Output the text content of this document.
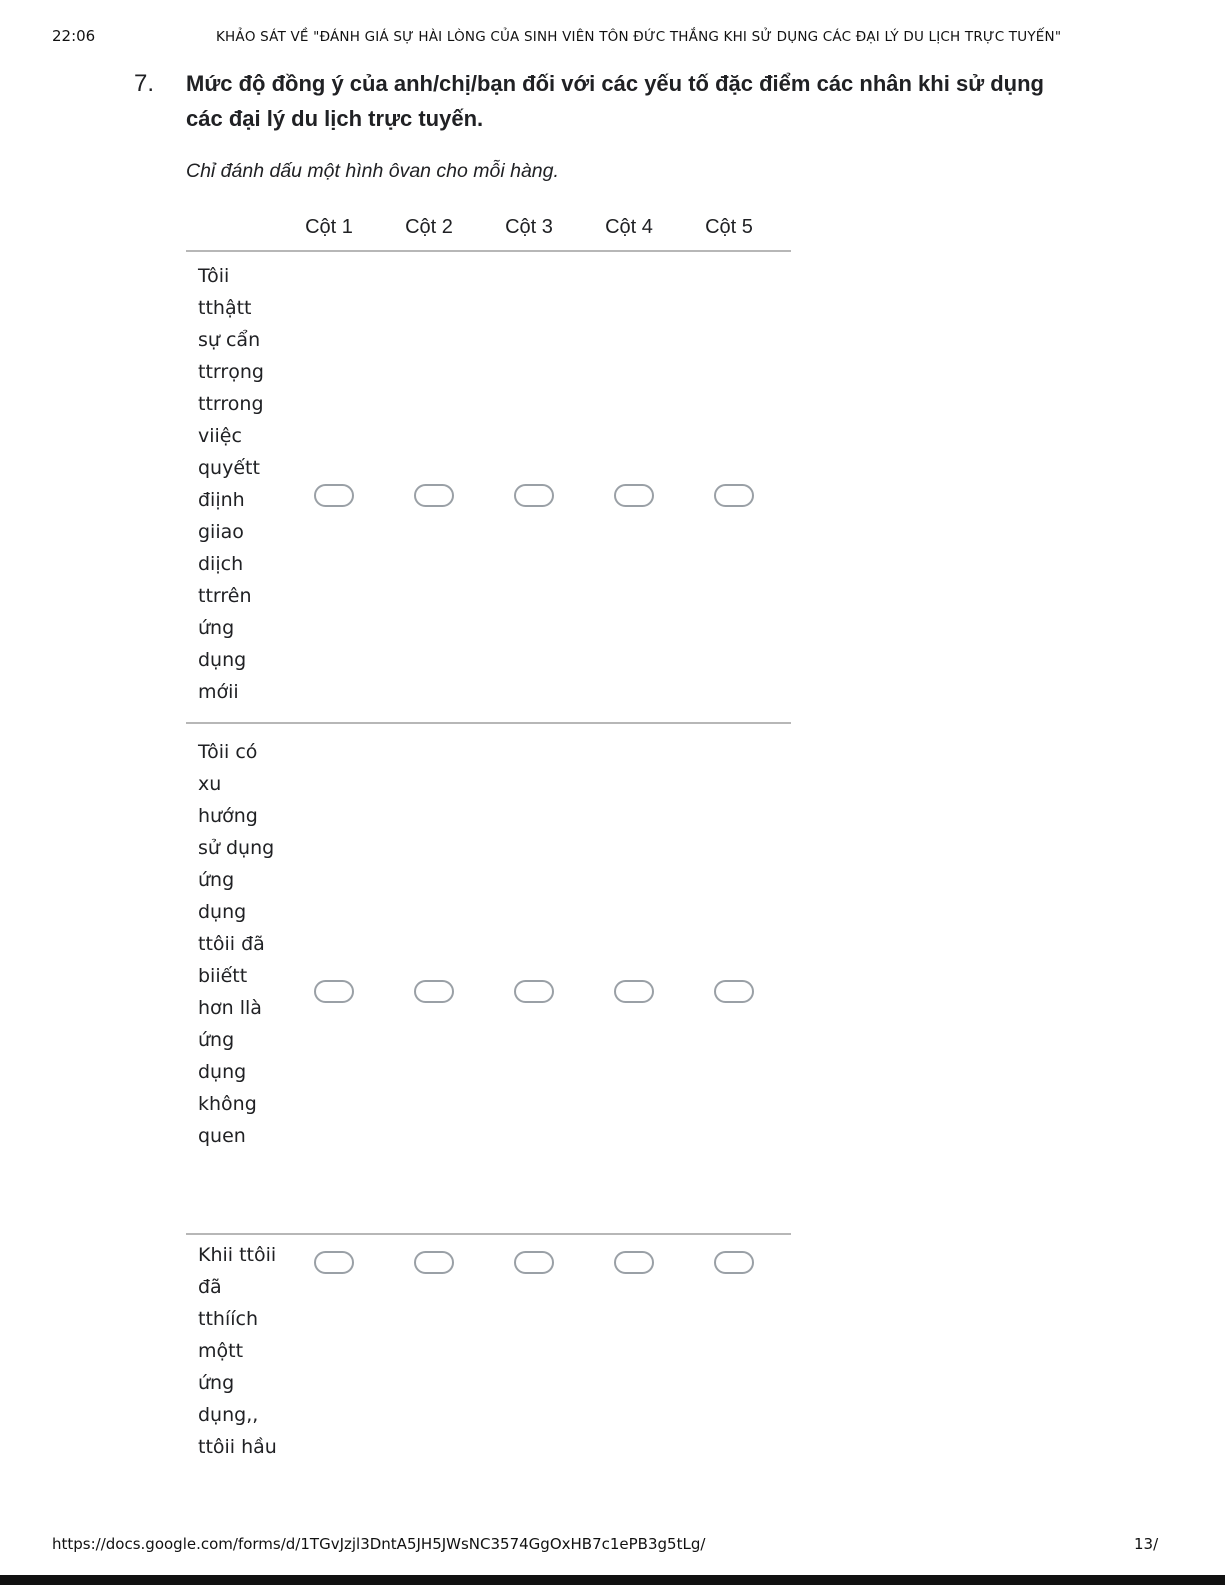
22:06	KHẢO SÁT VỀ "ĐÁNH GIÁ SỰ HÀI LÒNG CỦA SINH VIÊN TÔN ĐỨC THẮNG KHI SỬ DỤNG CÁC ĐẠI LÝ DU LỊCH TRỰC TUYẾN"
7. Mức độ đồng ý của anh/chị/bạn đối với các yếu tố đặc điểm các nhân khi sử dụng các đại lý du lịch trực tuyến.
Chỉ đánh dấu một hình ôvan cho mỗi hàng.
Cột 1	Cột 2	Cột 3	Cột 4	Cột 5
Tôii tthậtt sự cẩn ttrrọng ttrrong viiệc quyếtt điịnh giiao diịch ttrrên ứng dụng mớii
Tôii có xu hướng sử dụng ứng dụng ttôii đã biiếtt hơn llà ứng dụng không quen
Khii ttôii đã tthíích mộtt ứng dụng,, ttôii hầu
https://docs.google.com/forms/d/1TGvJzjl3DntA5JH5JWsNC3574GgOxHB7c1ePB3g5tLg/	13/
